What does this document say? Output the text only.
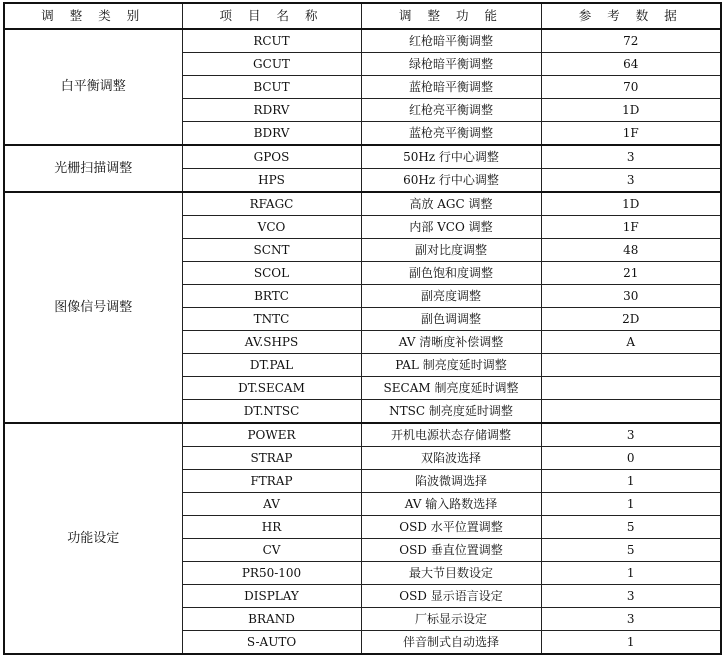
调 整 类 别	项 目 名 称	调 整 功 能	参 考 数 据
白平衡调整	RCUT	红枪暗平衡调整	72
	GCUT	绿枪暗平衡调整	64
	BCUT	蓝枪暗平衡调整	70
	RDRV	红枪亮平衡调整	1D
	BDRV	蓝枪亮平衡调整	1F
光栅扫描调整	GPOS	50Hz 行中心调整	3
	HPS	60Hz 行中心调整	3
图像信号调整	RFAGC	高放 AGC 调整	1D
	VCO	内部 VCO 调整	1F
	SCNT	副对比度调整	48
	SCOL	副色饱和度调整	21
	BRTC	副亮度调整	30
	TNTC	副色调调整	2D
	AV.SHPS	AV 清晰度补偿调整	A
	DT.PAL	PAL 制亮度延时调整	
	DT.SECAM	SECAM 制亮度延时调整	
	DT.NTSC	NTSC 制亮度延时调整	
功能设定	POWER	开机电源状态存储调整	3
	STRAP	双陷波选择	0
	FTRAP	陷波微调选择	1
	AV	AV 输入路数选择	1
	HR	OSD 水平位置调整	5
	CV	OSD 垂直位置调整	5
	PR50-100	最大节目数设定	1
	DISPLAY	OSD 显示语言设定	3
	BRAND	厂标显示设定	3
	S-AUTO	伴音制式自动选择	1
